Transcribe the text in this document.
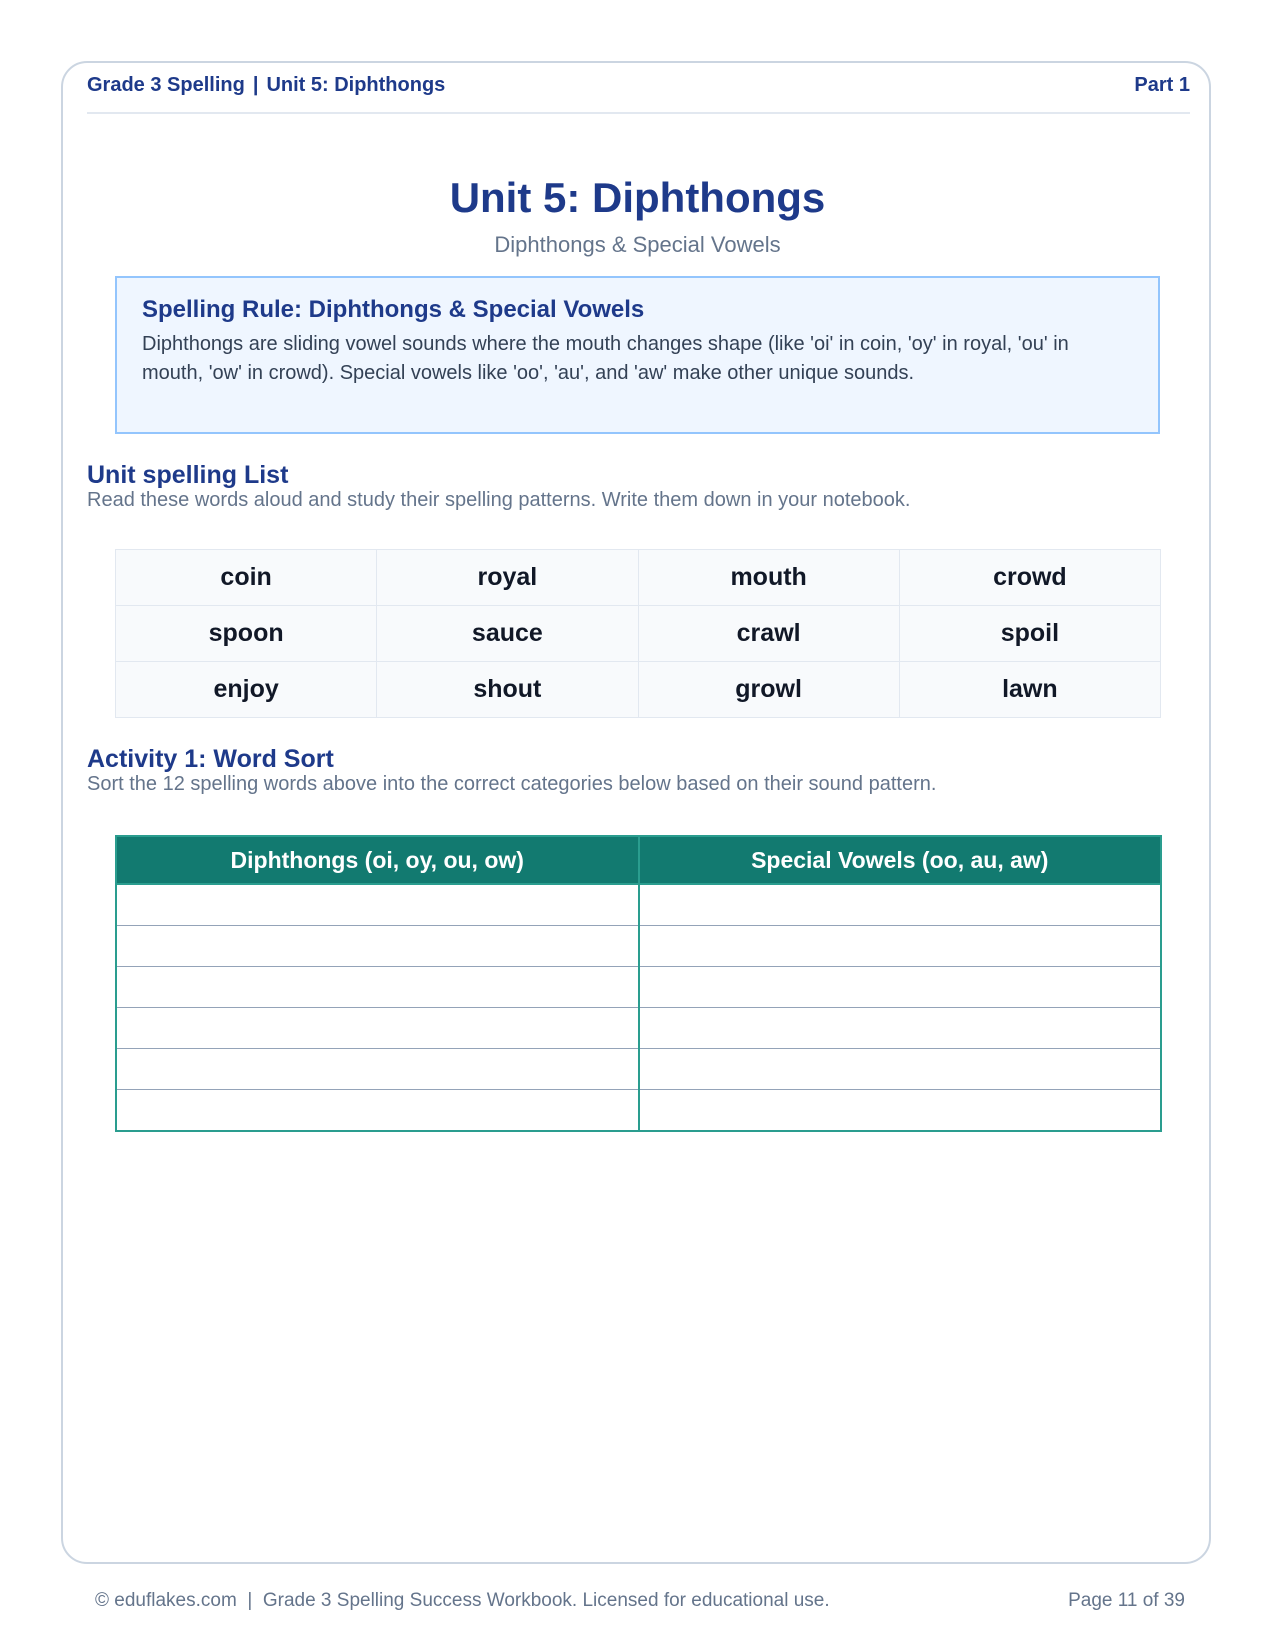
Grade 3 Spelling | Unit 5: Diphthongs	Part 1
Unit 5: Diphthongs
Diphthongs & Special Vowels
Spelling Rule: Diphthongs & Special Vowels
Diphthongs are sliding vowel sounds where the mouth changes shape (like 'oi' in coin, 'oy' in royal, 'ou' in mouth, 'ow' in crowd). Special vowels like 'oo', 'au', and 'aw' make other unique sounds.
Unit spelling List
Read these words aloud and study their spelling patterns. Write them down in your notebook.
coin	royal	mouth	crowd
spoon	sauce	crawl	spoil
enjoy	shout	growl	lawn
Activity 1: Word Sort
Sort the 12 spelling words above into the correct categories below based on their sound pattern.
Diphthongs (oi, oy, ou, ow)	Special Vowels (oo, au, aw)

© eduflakes.com  |  Grade 3 Spelling Success Workbook. Licensed for educational use.	Page 11 of 39
